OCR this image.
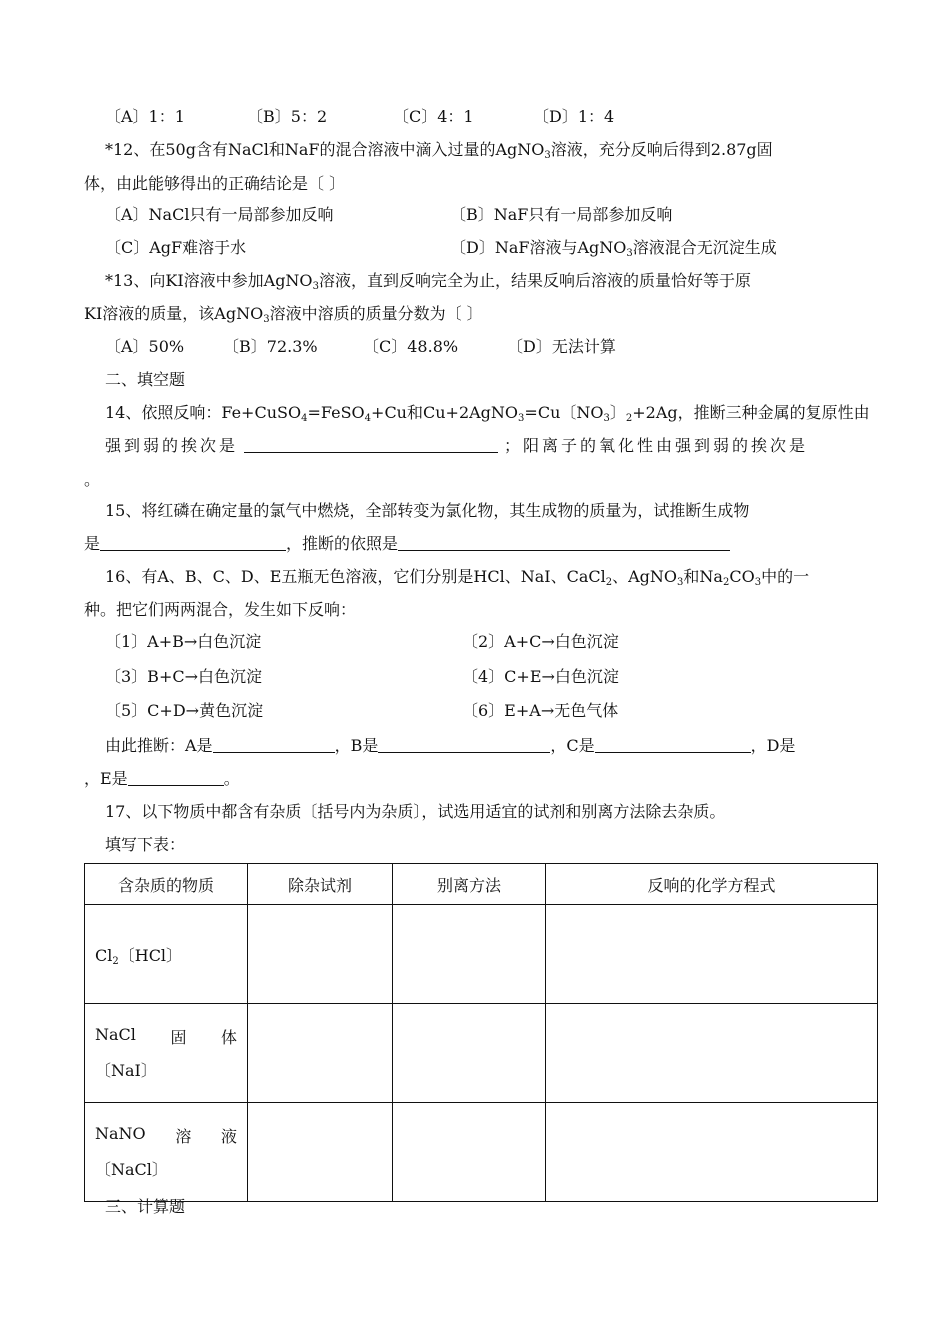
〔A〕1：1	〔B〕5：2	〔C〕4：1	〔D〕1：4
*12、在50g含有NaCl和NaF的混合溶液中滴入过量的AgNO$_3$溶液，充分反响后得到2.87g固
体，由此能够得出的正确结论是〔 〕
〔A〕NaCl只有一局部参加反响	〔B〕NaF只有一局部参加反响
〔C〕AgF难溶于水	〔D〕NaF溶液与AgNO$_3$溶液混合无沉淀生成
*13、向KI溶液中参加AgNO$_3$溶液，直到反响完全为止，结果反响后溶液的质量恰好等于原
KI溶液的质量，该AgNO$_3$溶液中溶质的质量分数为〔 〕
〔A〕50% 〔B〕72.3%	〔C〕48.8%	〔D〕无法计算
二、填空题
14、依照反响：Fe+CuSO$_4$=FeSO$_4$+Cu和Cu+2AgNO$_3$=Cu〔$NO_3$〕$_2$+2Ag，推断三种金属的复原性由
强到弱的挨次是	；阳离子的氧化性由强到弱的挨次是
。
15、将红磷在确定量的氯气中燃烧，全部转变为氯化物，其生成物的质量为，试推断生成物
是	，推断的依照是
16、有A、B、C、D、E五瓶无色溶液，它们分别是HCl、NaI、CaCl$_2$、AgNO$_3$和$Na_2CO_3$中的一
种。把它们两两混合，发生如下反响：
〔1〕A+B→白色沉淀	〔2〕A+C→白色沉淀
〔3〕B+C→白色沉淀	〔4〕C+E→白色沉淀
〔5〕C+D→黄色沉淀	〔6〕E+A→无色气体
由此推断：A是	，B是	，C是	，D是
，E是	。
17、以下物质中都含有杂质〔括号内为杂质〕，试选用适宜的试剂和别离方法除去杂质。
填写下表：
含杂质的物质	除杂试剂	别离方法	反响的化学方程式
$Cl_2$〔HCl〕			

NaCl 固 体
〔NaI〕			

NaNO 溶 液
〔NaCl〕			

三、计算题
